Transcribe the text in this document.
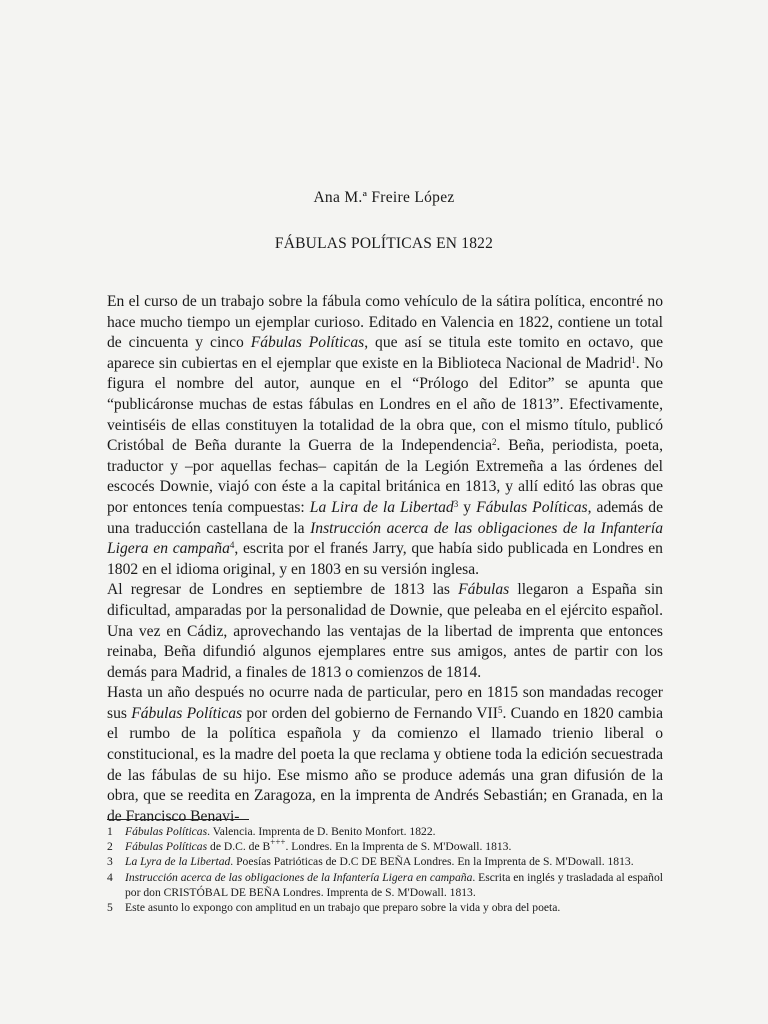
Ana M.ª Freire López
FÁBULAS POLÍTICAS EN 1822

En el curso de un trabajo sobre la fábula como vehículo de la sátira política, encontré no hace mucho tiempo un ejemplar curioso. Editado en Valencia en 1822, contiene un total de cincuenta y cinco Fábulas Políticas, que así se titula este tomito en octavo, que aparece sin cubiertas en el ejemplar que existe en la Biblioteca Nacional de Madrid$^1$. No figura el nombre del autor, aunque en el “Prólogo del Editor” se apunta que “publicáronse muchas de estas fábulas en Londres en el año de 1813”. Efectivamente, veintiséis de ellas constituyen la totalidad de la obra que, con el mismo título, publicó Cristóbal de Beña durante la Guerra de la Independencia$^2$. Beña, periodista, poeta, traductor y –por aquellas fechas– capitán de la Legión Extremeña a las órdenes del escocés Downie, viajó con éste a la capital británica en 1813, y allí editó las obras que por entonces tenía compuestas: La Lira de la Libertad$^3$ y Fábulas Políticas, además de una traducción castellana de la Instrucción acerca de las obligaciones de la Infantería Ligera en campaña$^4$, escrita por el franés Jarry, que había sido publicada en Londres en 1802 en el idioma original, y en 1803 en su versión inglesa.

Al regresar de Londres en septiembre de 1813 las Fábulas llegaron a España sin dificultad, amparadas por la personalidad de Downie, que peleaba en el ejército español. Una vez en Cádiz, aprovechando las ventajas de la libertad de imprenta que entonces reinaba, Beña difundió algunos ejemplares entre sus amigos, antes de partir con los demás para Madrid, a finales de 1813 o comienzos de 1814.

Hasta un año después no ocurre nada de particular, pero en 1815 son mandadas recoger sus Fábulas Políticas por orden del gobierno de Fernando VII$^5$. Cuando en 1820 cambia el rumbo de la política española y da comienzo el llamado trienio liberal o constitucional, es la madre del poeta la que reclama y obtiene toda la edición secuestrada de las fábulas de su hijo. Ese mismo año se produce además una gran difusión de la obra, que se reedita en Zaragoza, en la imprenta de Andrés Sebastián; en Granada, en la de Francisco Benavi-

1	Fábulas Políticas. Valencia. Imprenta de D. Benito Monfort. 1822.
2	Fábulas Políticas de D.C. de B+++. Londres. En la Imprenta de S. M'Dowall. 1813.
3	La Lyra de la Libertad. Poesías Patrióticas de D.C DE BEÑA Londres. En la Imprenta de S. M'Dowall. 1813.
4	Instrucción acerca de las obligaciones de la Infantería Ligera en campaña. Escrita en inglés y trasladada al español por don CRISTÓBAL DE BEÑA Londres. Imprenta de S. M'Dowall. 1813.
5	Este asunto lo expongo con amplitud en un trabajo que preparo sobre la vida y obra del poeta.
